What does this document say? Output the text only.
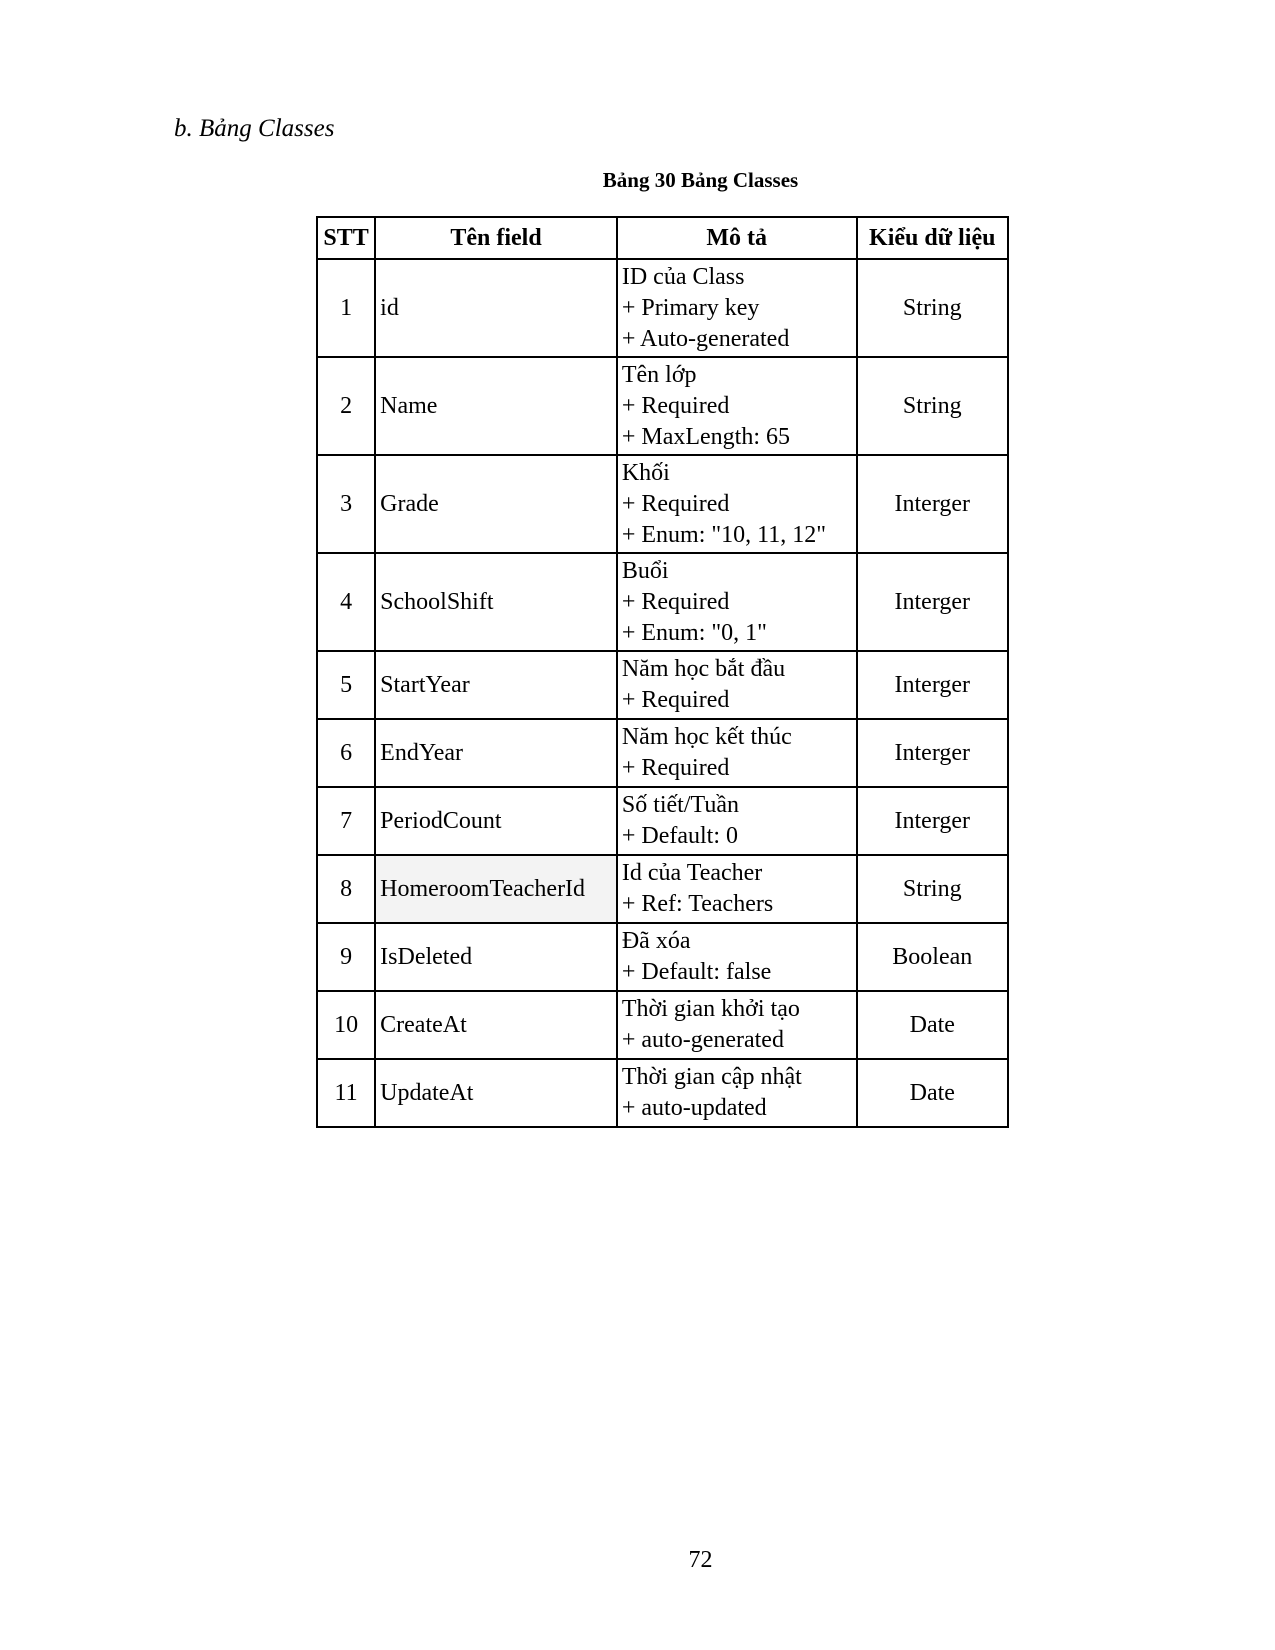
b. Bảng Classes

Bảng 30 Bảng Classes
STT	Tên field	Mô tả	Kiểu dữ liệu
1	id	ID của Class
+ Primary key
+ Auto-generated	String
2	Name	Tên lớp
+ Required
+ MaxLength: 65	String
3	Grade	Khối
+ Required
+ Enum: "10, 11, 12"	Interger
4	SchoolShift	Buổi
+ Required
+ Enum: "0, 1"	Interger
5	StartYear	Năm học bắt đầu
+ Required	Interger
6	EndYear	Năm học kết thúc
+ Required	Interger
7	PeriodCount	Số tiết/Tuần
+ Default: 0	Interger
8	HomeroomTeacherId	Id của Teacher
+ Ref: Teachers	String
9	IsDeleted	Đã xóa
+ Default: false	Boolean
10	CreateAt	Thời gian khởi tạo
+ auto-generated	Date
11	UpdateAt	Thời gian cập nhật
+ auto-updated	Date
72
